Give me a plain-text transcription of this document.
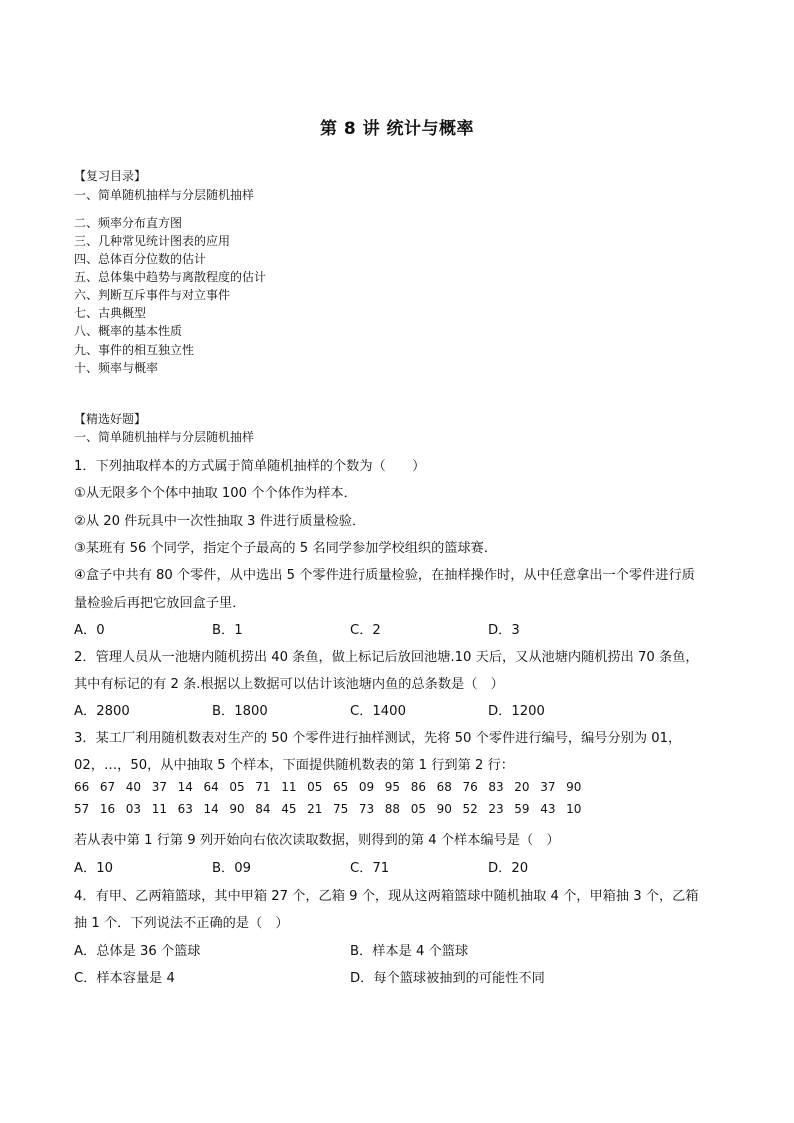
第 8 讲 统计与概率
【复习目录】
一、简单随机抽样与分层随机抽样
二、频率分布直方图
三、几种常见统计图表的应用
四、总体百分位数的估计
五、总体集中趋势与离散程度的估计
六、判断互斥事件与对立事件
七、古典概型
八、概率的基本性质
九、事件的相互独立性
十、频率与概率
【精选好题】
一、简单随机抽样与分层随机抽样
1．下列抽取样本的方式属于简单随机抽样的个数为（　　）
①从无限多个个体中抽取 100 个个体作为样本．
②从 20 件玩具中一次性抽取 3 件进行质量检验．
③某班有 56 个同学，指定个子最高的 5 名同学参加学校组织的篮球赛．
④盒子中共有 80 个零件，从中选出 5 个零件进行质量检验，在抽样操作时，从中任意拿出一个零件进行质
量检验后再把它放回盒子里．
A．0	B．1	C．2	D．3
2．管理人员从一池塘内随机捞出 40 条鱼，做上标记后放回池塘.10 天后，又从池塘内随机捞出 70 条鱼，
其中有标记的有 2 条.根据以上数据可以估计该池塘内鱼的总条数是（　）
A．2800	B．1800	C．1400	D．1200
3．某工厂利用随机数表对生产的 50 个零件进行抽样测试，先将 50 个零件进行编号，编号分别为 01，
02，…，50，从中抽取 5 个样本，下面提供随机数表的第 1 行到第 2 行：
66 67 40 37 14 64 05 71 11 05 65 09 95 86 68 76 83 20 37 90
57 16 03 11 63 14 90 84 45 21 75 73 88 05 90 52 23 59 43 10
若从表中第 1 行第 9 列开始向右依次读取数据，则得到的第 4 个样本编号是（　）
A．10	B．09	C．71	D．20
4．有甲、乙两箱篮球，其中甲箱 27 个，乙箱 9 个，现从这两箱篮球中随机抽取 4 个，甲箱抽 3 个，乙箱
抽 1 个．下列说法不正确的是（　）
A．总体是 36 个篮球	B．样本是 4 个篮球
C．样本容量是 4	D．每个篮球被抽到的可能性不同
